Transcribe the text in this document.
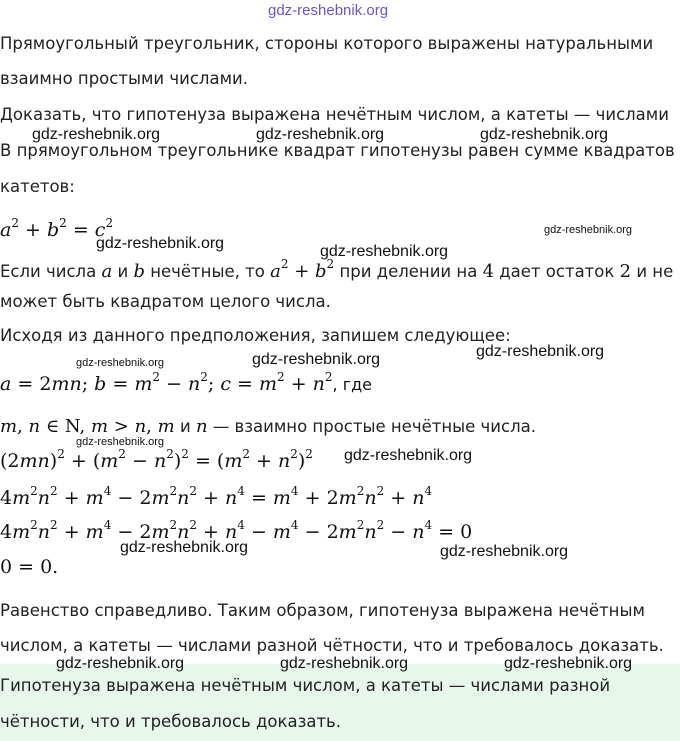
gdz-reshebnik.org
Прямоугольный треугольник, стороны которого выражены натуральными
взаимно простыми числами.
Доказать, что гипотенуза выражена нечётным числом, а катеты — числами
gdz-reshebnik.org	gdz-reshebnik.org	gdz-reshebnik.org
В прямоугольном треугольнике квадрат гипотенузы равен сумме квадратов
катетов:
$a^2 + b^2 = c^2$	gdz-reshebnik.org
gdz-reshebnik.org	gdz-reshebnik.org
Если числа a и b нечётные, то $a^2 + b^2$ при делении на 4 дает остаток 2 и не
может быть квадратом целого числа.
Исходя из данного предположения, запишем следующее:
gdz-reshebnik.org
gdz-reshebnik.org
gdz-reshebnik.org
a = 2mn; $b = m^2 - n^2$; $c = m^2 + n^2$, где
m, n ∈ N, m > n, m и n — взаимно простые нечётные числа.
gdz-reshebnik.org
$(2mn)^2 + (m^2 - n^2)^2 = (m^2 + n^2)^2$ gdz-reshebnik.org
$4m^2n^2 + m^4 - 2m^2n^2 + n^4 = m^4 + 2m^2n^2 + n^4$
$4m^2n^2 + m^4 - 2m^2n^2 + n^4 - m^4 - 2m^2n^2 - n^4 = 0$
gdz-reshebnik.org	gdz-reshebnik.org
0 = 0.
Равенство справедливо. Таким образом, гипотенуза выражена нечётным
числом, а катеты — числами разной чётности, что и требовалось доказать.
gdz-reshebnik.org	gdz-reshebnik.org	gdz-reshebnik.org
Гипотенуза выражена нечётным числом, а катеты — числами разной
чётности, что и требовалось доказать.
